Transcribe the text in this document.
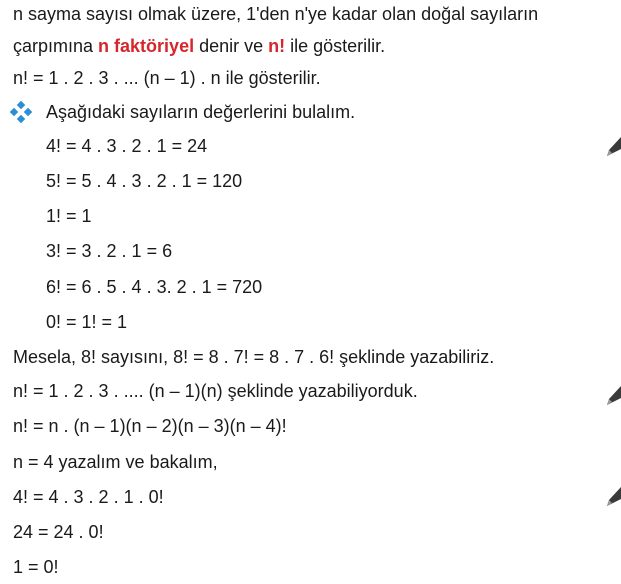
n sayma sayısı olmak üzere, 1'den n'ye kadar olan doğal sayıların
çarpımına n faktöriyel denir ve n! ile gösterilir.
n! = 1 . 2 . 3 . ... (n – 1) . n ile gösterilir.
Aşağıdaki sayıların değerlerini bulalım.
4! = 4 . 3 . 2 . 1 = 24
5! = 5 . 4 . 3 . 2 . 1 = 120
1! = 1
3! = 3 . 2 . 1 = 6
6! = 6 . 5 . 4 . 3. 2 . 1 = 720
0! = 1! = 1
Mesela, 8! sayısını, 8! = 8 . 7! = 8 . 7 . 6! şeklinde yazabiliriz.
n! = 1 . 2 . 3 . .... (n – 1)(n) şeklinde yazabiliyorduk.
n! = n . (n – 1)(n – 2)(n – 3)(n – 4)!
n = 4 yazalım ve bakalım,
4! = 4 . 3 . 2 . 1 . 0!
24 = 24 . 0!
1 = 0!
